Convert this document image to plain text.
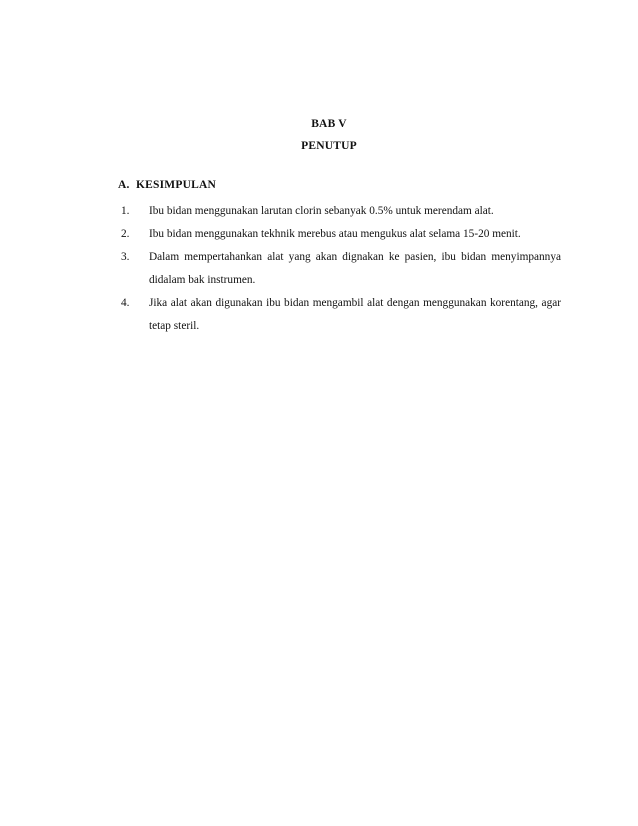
BAB V
PENUTUP
A. KESIMPULAN
1.	Ibu bidan menggunakan larutan clorin sebanyak 0.5% untuk merendam alat.
2.	Ibu bidan menggunakan tekhnik merebus atau mengukus alat selama 15-20 menit.
3.	Dalam mempertahankan alat yang akan dignakan ke pasien, ibu bidan menyimpannya didalam bak instrumen.
4.	Jika alat akan digunakan ibu bidan mengambil alat dengan menggunakan korentang, agar tetap steril.
